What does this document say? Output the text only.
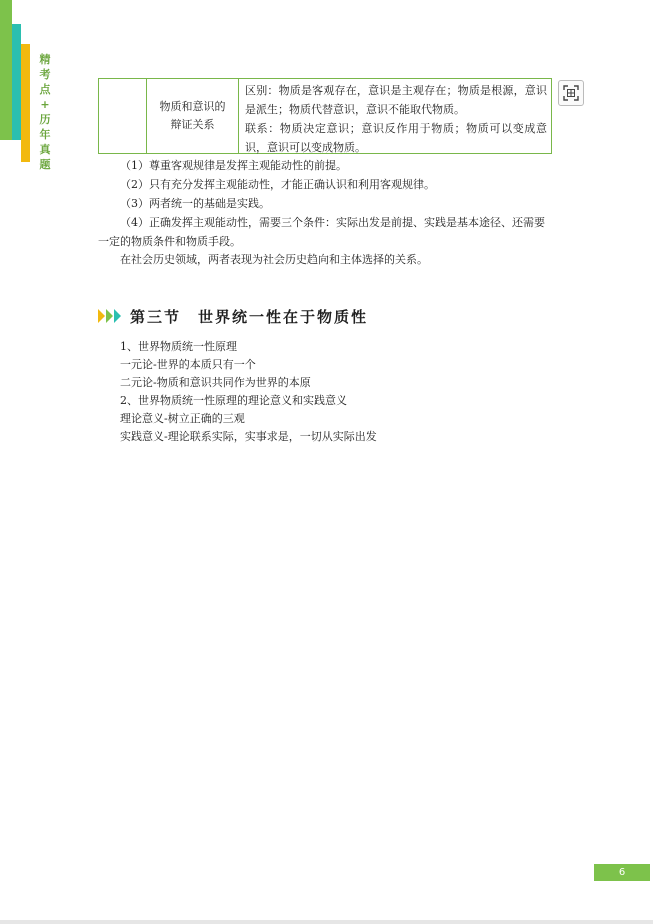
精
考
点
+
历
年
真
题
物质和意识的
辩证关系

区别：物质是客观存在，意识是主观存在；物质是根源，意识是派生；物质代替意识，意识不能取代物质。

联系：物质决定意识；意识反作用于物质；物质可以变成意识，意识可以变成物质。

（1）尊重客观规律是发挥主观能动性的前提。

（2）只有充分发挥主观能动性，才能正确认识和利用客观规律。

（3）两者统一的基础是实践。

（4）正确发挥主观能动性，需要三个条件：实际出发是前提、实践是基本途径、还需要一定的物质条件和物质手段。

在社会历史领域，两者表现为社会历史趋向和主体选择的关系。

第三节　世界统一性在于物质性

1、世界物质统一性原理

一元论-世界的本质只有一个

二元论-物质和意识共同作为世界的本原

2、世界物质统一性原理的理论意义和实践意义

理论意义-树立正确的三观

实践意义-理论联系实际，实事求是，一切从实际出发

6
